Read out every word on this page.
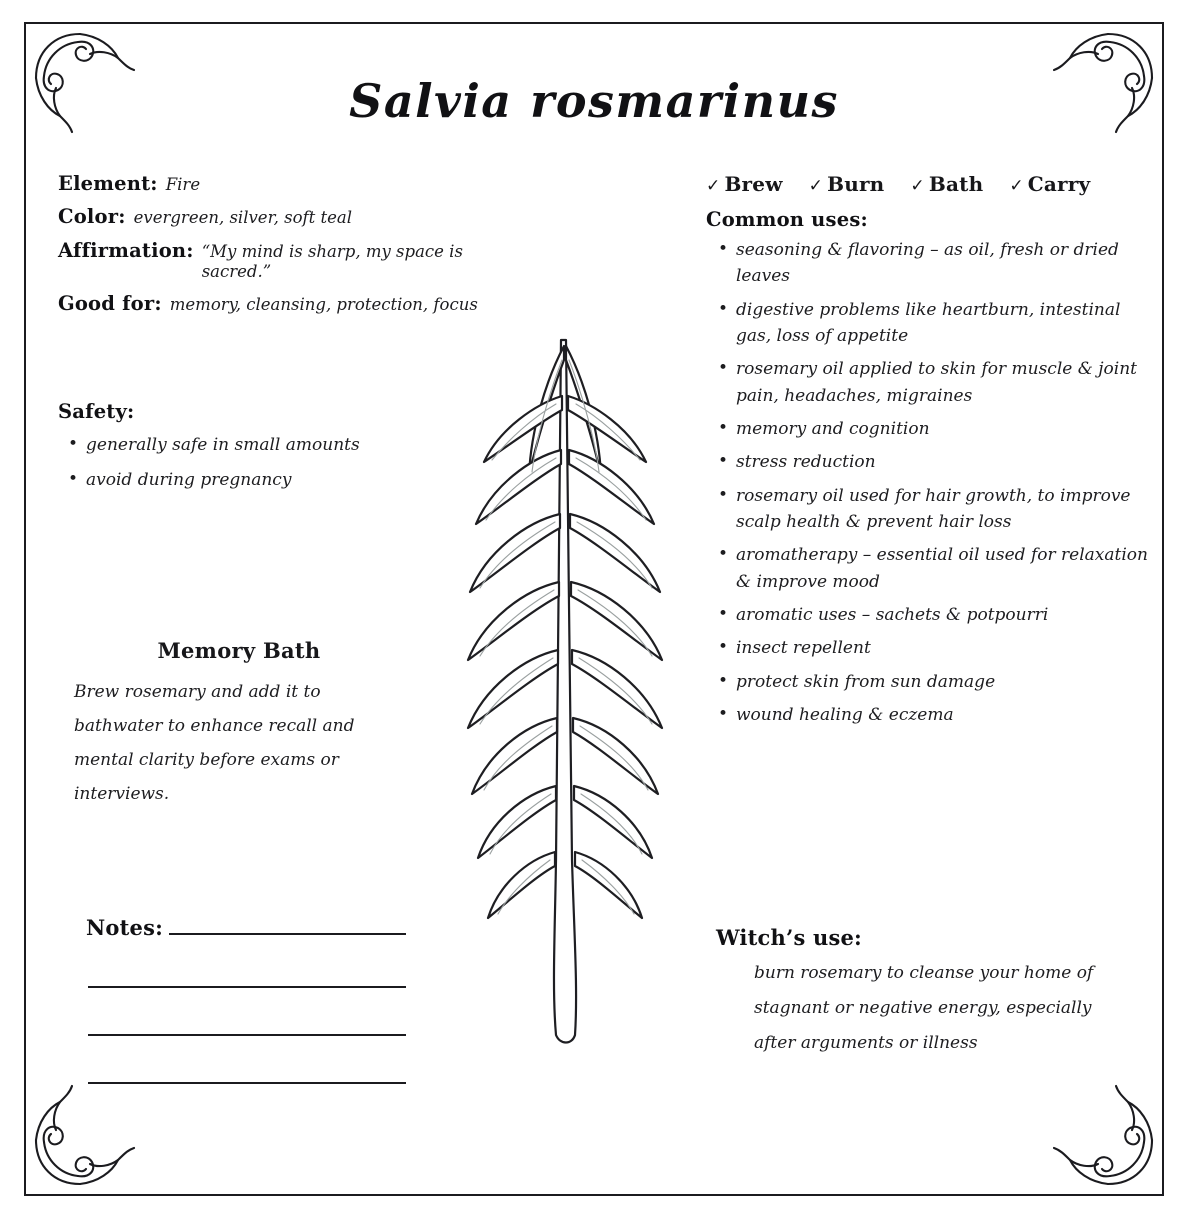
Salvia rosmarinus
Element: Fire
Color: evergreen, silver, soft teal
Affirmation: “My mind is sharp, my space is sacred.”
Good for: memory, cleansing, protection, focus
Safety:
• generally safe in small amounts
• avoid during pregnancy
Memory Bath
Brew rosemary and add it to bathwater to enhance recall and mental clarity before exams or interviews.
Notes:
✓ Brew ✓ Burn ✓ Bath ✓ Carry
Common uses:
• seasoning & flavoring – as oil, fresh or dried leaves
• digestive problems like heartburn, intestinal gas, loss of appetite
• rosemary oil applied to skin for muscle & joint pain, headaches, migraines
• memory and cognition
• stress reduction
• rosemary oil used for hair growth, to improve scalp health & prevent hair loss
• aromatherapy – essential oil used for relaxation & improve mood
• aromatic uses – sachets & potpourri
• insect repellent
• protect skin from sun damage
• wound healing & eczema
Witch’s use:
burn rosemary to cleanse your home of stagnant or negative energy, especially after arguments or illness
